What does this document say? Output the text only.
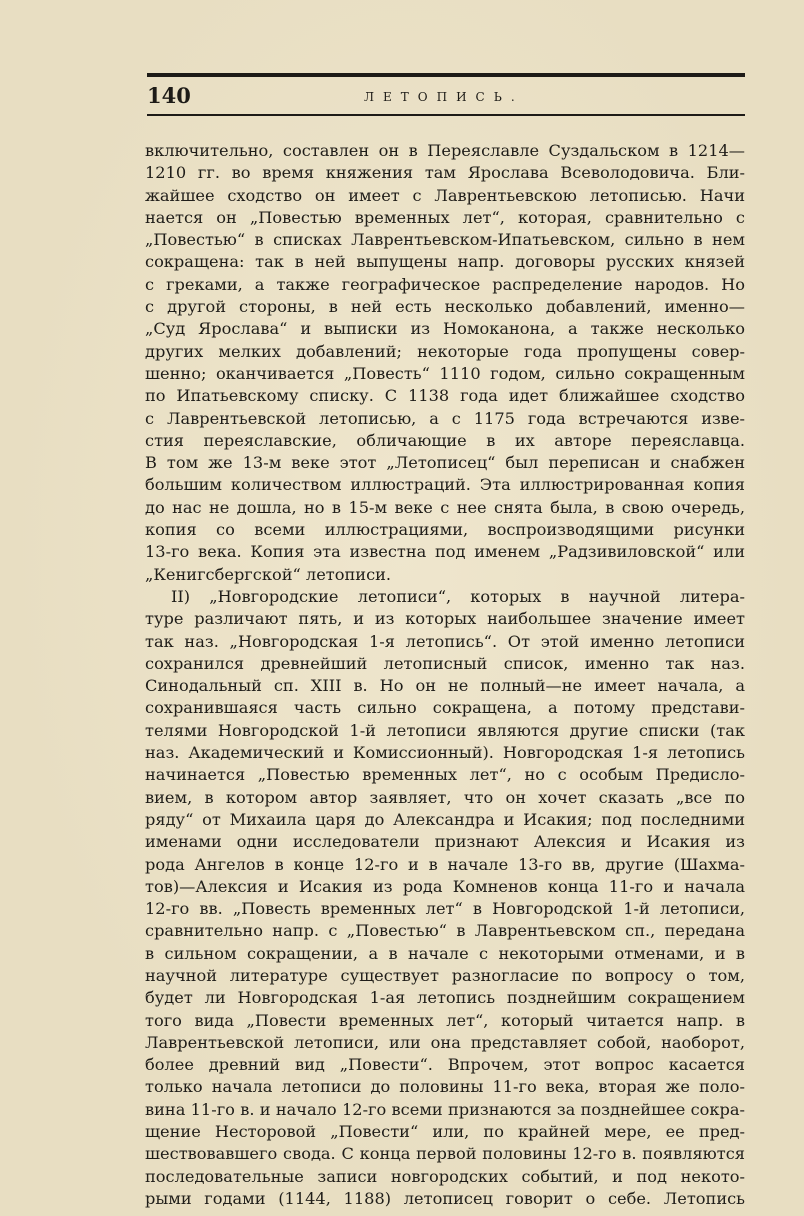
140	ЛЕТОПИСЬ.
включительно, составлен он в Переяславле Суздальском в 1214—
1210 гг. во время княжения там Ярослава Всеволодовича. Бли-
жайшее сходство он имеет с Лаврентьевскою летописью. Начи
нается он „Повестью временных лет“, которая, сравнительно с
„Повестью“ в списках Лаврентьевском-Ипатьевском, сильно в нем
сокращена: так в ней выпущены напр. договоры русских князей
с греками, а также географическое распределение народов. Но
с другой стороны, в ней есть несколько добавлений, именно—
„Суд Ярослава“ и выписки из Номоканона, а также несколько
других мелких добавлений; некоторые года пропущены совер-
шенно; оканчивается „Повесть“ 1110 годом, сильно сокращенным
по Ипатьевскому списку. С 1138 года идет ближайшее сходство
с Лаврентьевской летописью, а с 1175 года встречаются изве-
стия переяславские, обличающие в их авторе переяславца.
В том же 13-м веке этот „Летописец“ был переписан и снабжен
большим количеством иллюстраций. Эта иллюстрированная копия
до нас не дошла, но в 15-м веке с нее снята была, в свою очередь,
копия со всеми иллюстрациями, воспроизводящими рисунки
13-го века. Копия эта известна под именем „Радзивиловской“ или
„Кенигсбергской“ летописи.
II) „Новгородские летописи“, которых в научной литера-
туре различают пять, и из которых наибольшее значение имеет
так наз. „Новгородская 1-я летопись“. От этой именно летописи
сохранился древнейший летописный список, именно так наз.
Синодальный сп. XIII в. Но он не полный—не имеет начала, а
сохранившаяся часть сильно сокращена, а потому представи-
телями Новгородской 1-й летописи являются другие списки (так
наз. Академический и Комиссионный). Новгородская 1-я летопись
начинается „Повестью временных лет“, но с особым Предисло-
вием, в котором автор заявляет, что он хочет сказать „все по
ряду“ от Михаила царя до Александра и Исакия; под последними
именами одни исследователи признают Алексия и Исакия из
рода Ангелов в конце 12-го и в начале 13-го вв, другие (Шахма-
тов)—Алексия и Исакия из рода Комненов конца 11-го и начала
12-го вв. „Повесть временных лет“ в Новгородской 1-й летописи,
сравнительно напр. с „Повестью“ в Лаврентьевском сп., передана
в сильном сокращении, а в начале с некоторыми отменами, и в
научной литературе существует разногласие по вопросу о том,
будет ли Новгородская 1-ая летопись позднейшим сокращением
того вида „Повести временных лет“, который читается напр. в
Лаврентьевской летописи, или она представляет собой, наоборот,
более древний вид „Повести“. Впрочем, этот вопрос касается
только начала летописи до половины 11-го века, вторая же поло-
вина 11-го в. и начало 12-го всеми признаются за позднейшее сокра-
щение Несторовой „Повести“ или, по крайней мере, ее пред-
шествовавшего свода. С конца первой половины 12-го в. появляются
последовательные записи новгородских событий, и под некото-
рыми годами (1144, 1188) летописец говорит о себе. Летопись
